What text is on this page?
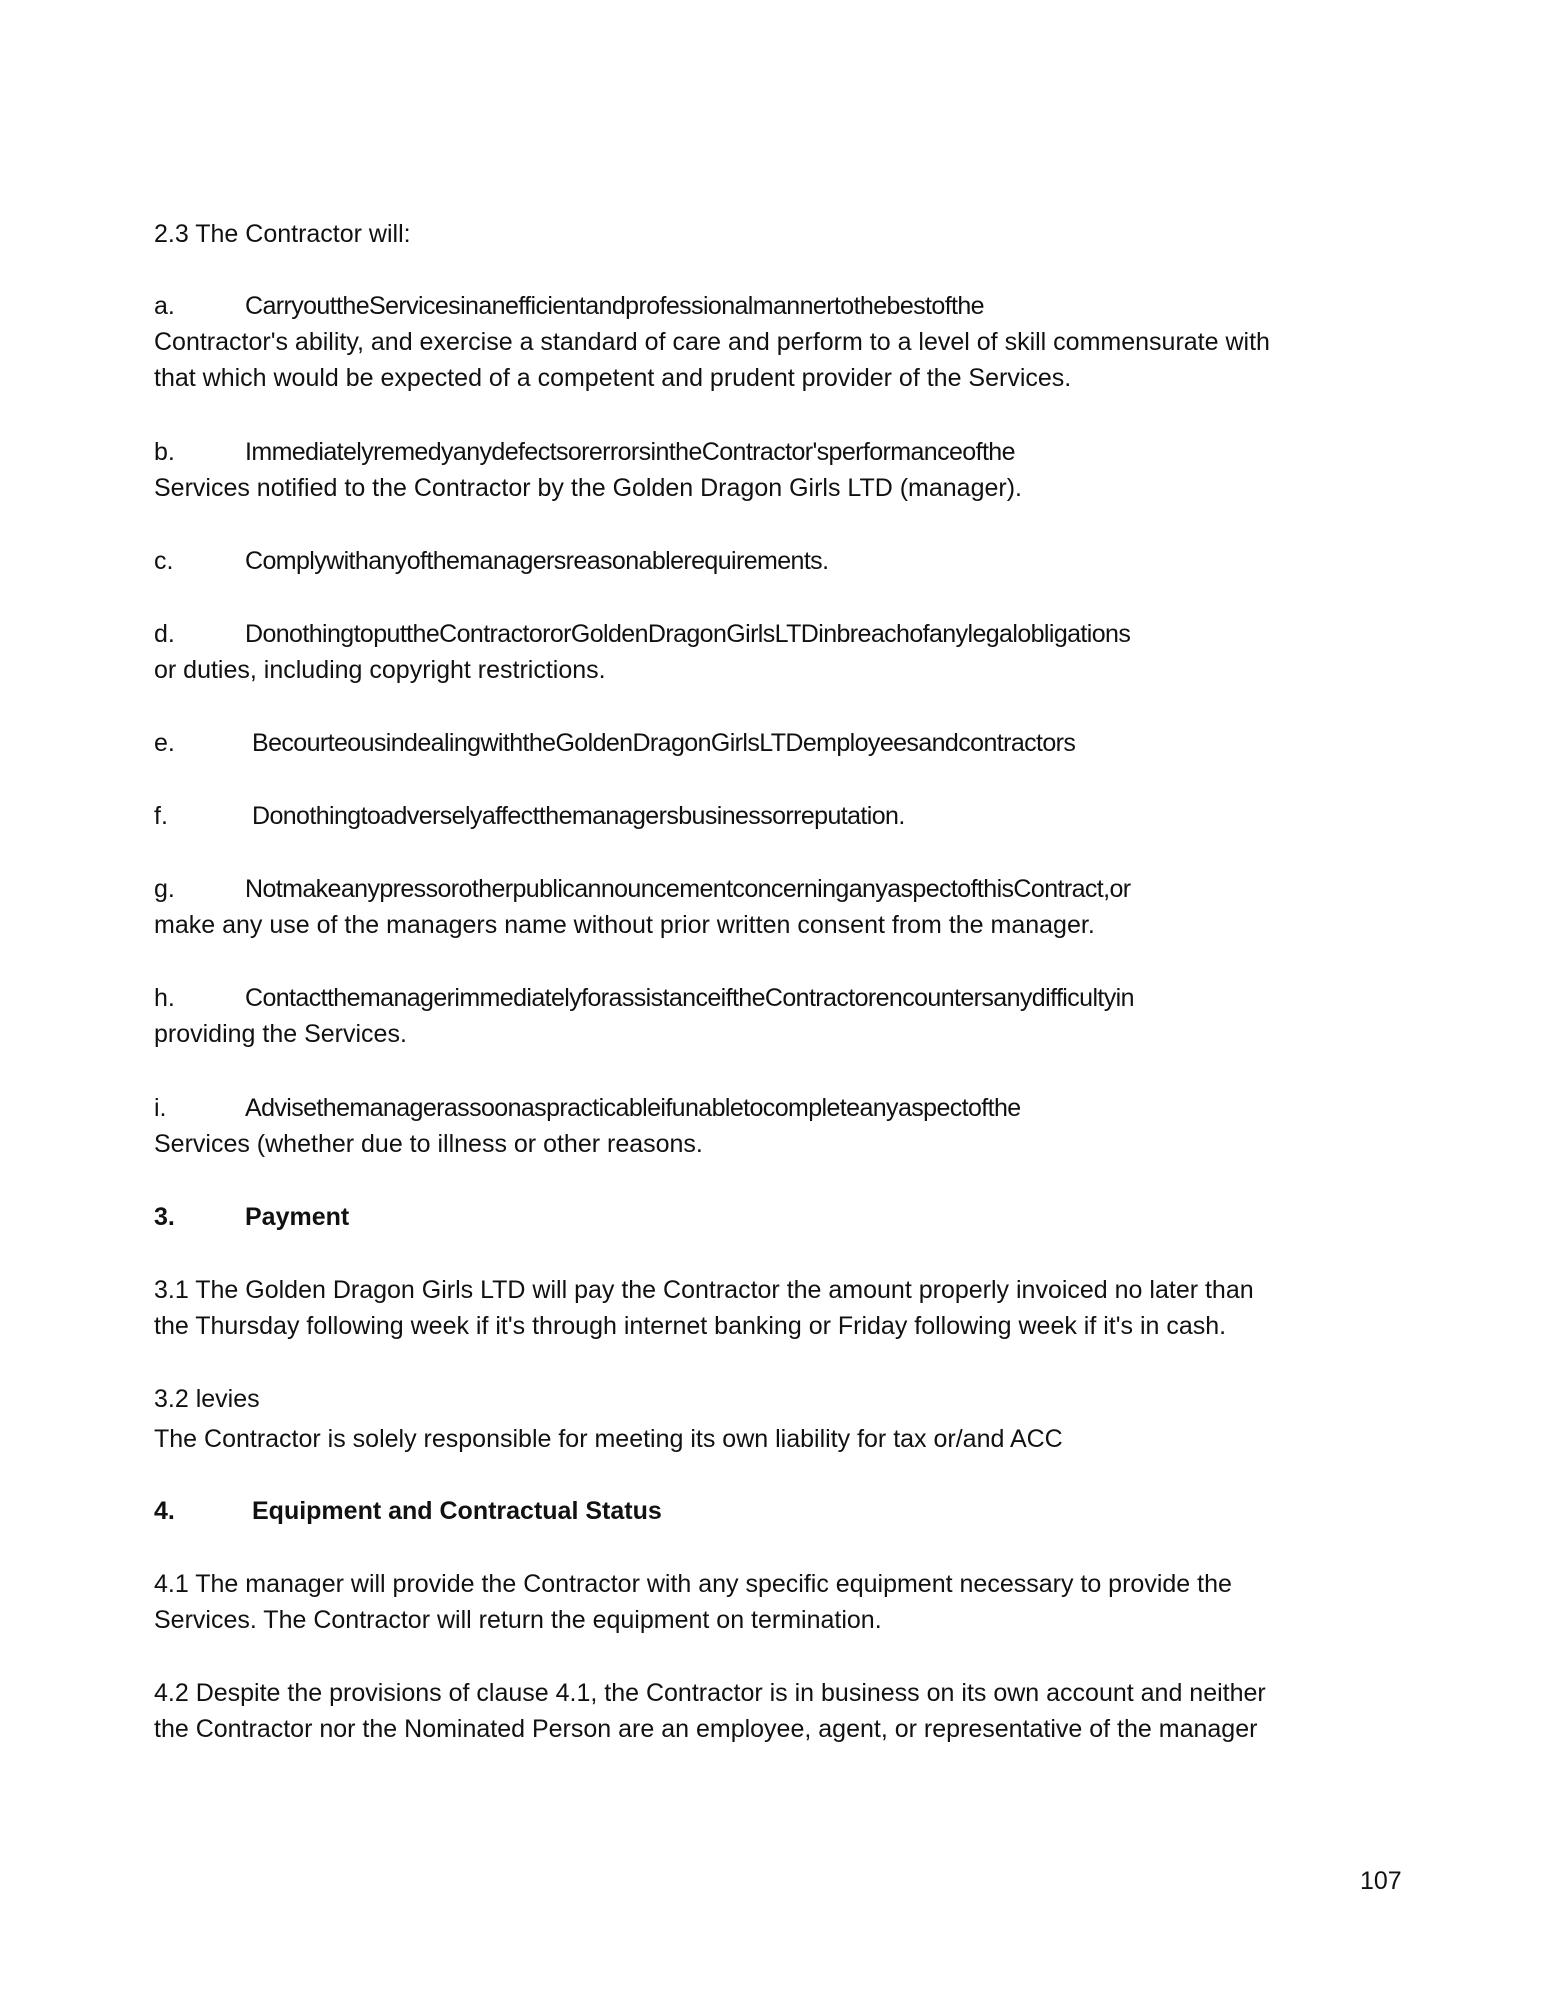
2.3 The Contractor will:
a.	CarryouttheServicesinanefficientandprofessionalmannertothebestofthe
Contractor's ability, and exercise a standard of care and perform to a level of skill commensurate with
that which would be expected of a competent and prudent provider of the Services.
b.	ImmediatelyremedyanydefectsorerrorsintheContractor'sperformanceofthe
Services notified to the Contractor by the Golden Dragon Girls LTD (manager).
c.	Complywithanyofthemanagersreasonablerequirements.
d.	DonothingtoputtheContractororGoldenDragonGirlsLTDinbreachofanylegalobligations
or duties, including copyright restrictions.
e.	BecourteousindealingwiththeGoldenDragonGirlsLTDemployeesandcontractors
f.	Donothingtoadverselyaffectthemanagersbusinessorreputation.
g.	NotmakeanypressorotherpublicannouncementconcerninganyaspectofthisContract,or
make any use of the managers name without prior written consent from the manager.
h.	ContactthemanagerimmediatelyforassistanceiftheContractorencountersanydifficultyin
providing the Services.
i.	Advisethemanagerassoonaspracticableifunabletocompleteanyaspectofthe
Services (whether due to illness or other reasons.
3.	Payment
3.1 The Golden Dragon Girls LTD will pay the Contractor the amount properly invoiced no later than
the Thursday following week if it's through internet banking or Friday following week if it's in cash.
3.2 levies
The Contractor is solely responsible for meeting its own liability for tax or/and ACC
4.	Equipment and Contractual Status
4.1 The manager will provide the Contractor with any specific equipment necessary to provide the
Services. The Contractor will return the equipment on termination.
4.2 Despite the provisions of clause 4.1, the Contractor is in business on its own account and neither
the Contractor nor the Nominated Person are an employee, agent, or representative of the manager
107
